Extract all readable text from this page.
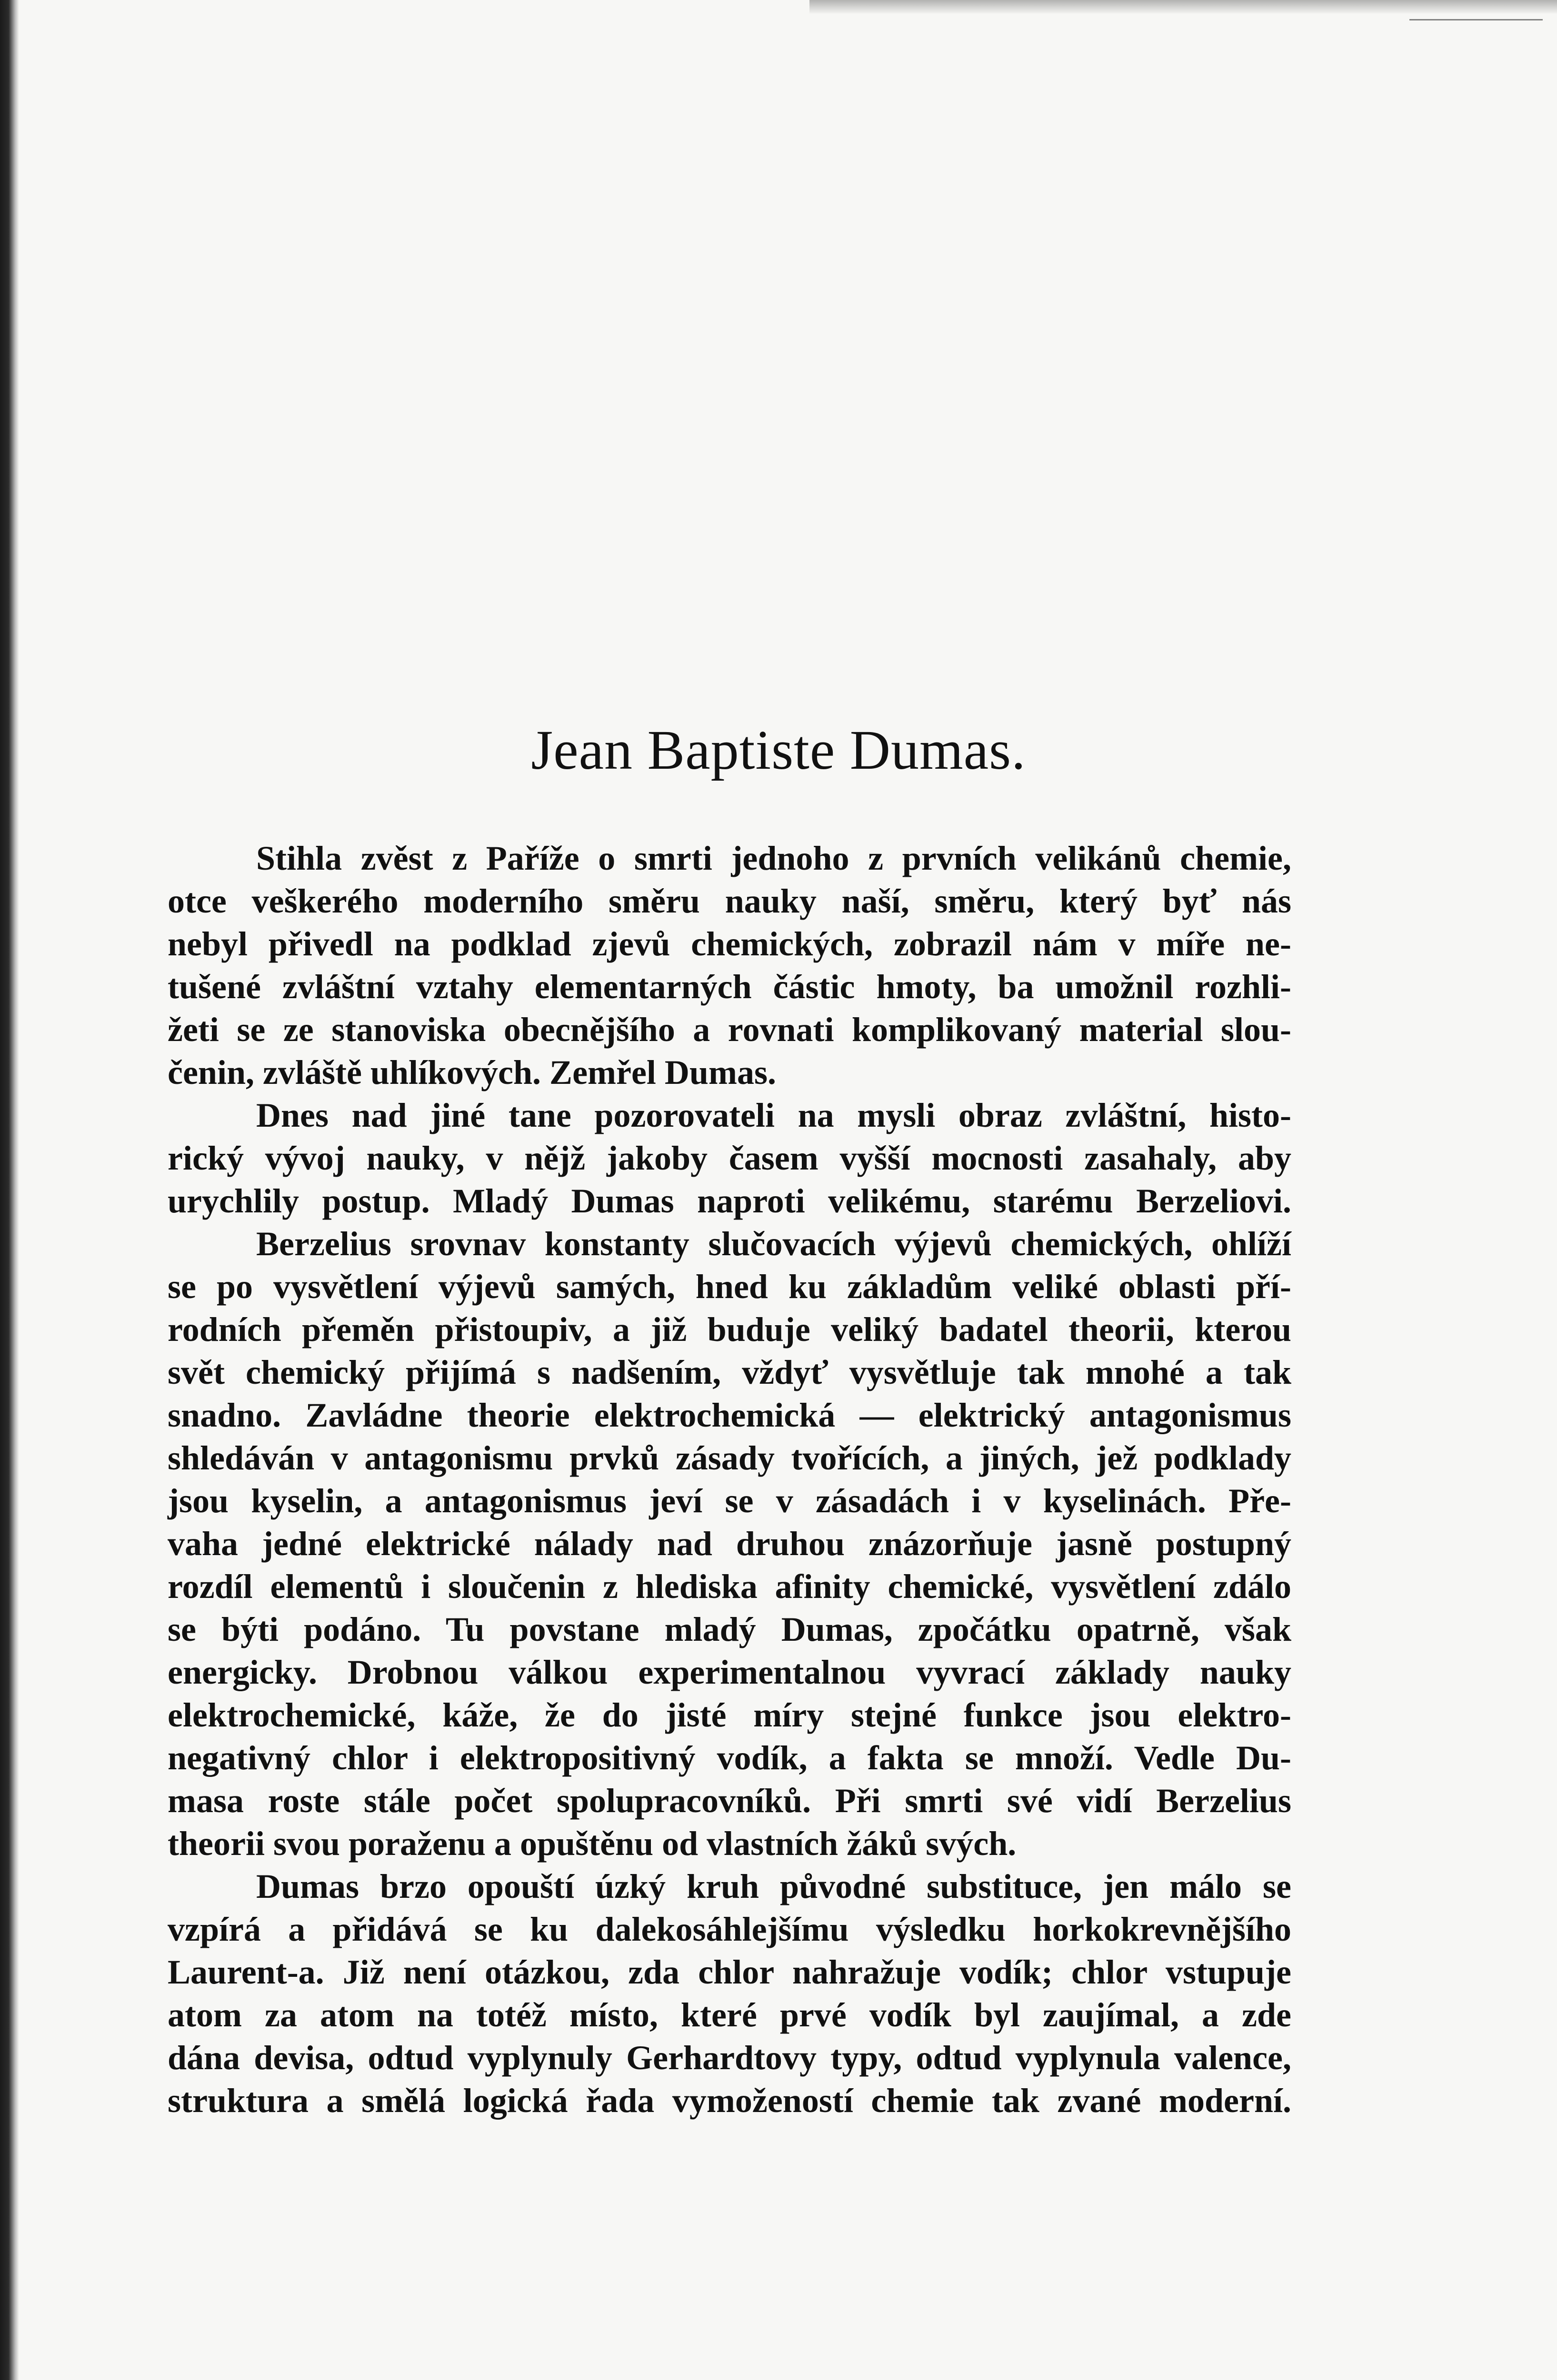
Jean Baptiste Dumas.
Stihla zvěst z Paříže o smrti jednoho z prvních velikánů chemie,
otce veškerého moderního směru nauky naší, směru, který byť nás
nebyl přivedl na podklad zjevů chemických, zobrazil nám v míře ne-
tušené zvláštní vztahy elementarných částic hmoty, ba umožnil rozhli-
žeti se ze stanoviska obecnějšího a rovnati komplikovaný material slou-
čenin, zvláště uhlíkových. Zemřel Dumas.
Dnes nad jiné tane pozorovateli na mysli obraz zvláštní, histo-
rický vývoj nauky, v nějž jakoby časem vyšší mocnosti zasahaly, aby
urychlily postup. Mladý Dumas naproti velikému, starému Berzeliovi.
Berzelius srovnav konstanty slučovacích výjevů chemických, ohlíží
se po vysvětlení výjevů samých, hned ku základům veliké oblasti pří-
rodních přeměn přistoupiv, a již buduje veliký badatel theorii, kterou
svět chemický přijímá s nadšením, vždyť vysvětluje tak mnohé a tak
snadno. Zavládne theorie elektrochemická — elektrický antagonismus
shledáván v antagonismu prvků zásady tvořících, a jiných, jež podklady
jsou kyselin, a antagonismus jeví se v zásadách i v kyselinách. Pře-
vaha jedné elektrické nálady nad druhou znázorňuje jasně postupný
rozdíl elementů i sloučenin z hlediska afinity chemické, vysvětlení zdálo
se býti podáno. Tu povstane mladý Dumas, zpočátku opatrně, však
energicky. Drobnou válkou experimentalnou vyvrací základy nauky
elektrochemické, káže, že do jisté míry stejné funkce jsou elektro-
negativný chlor i elektropositivný vodík, a fakta se množí. Vedle Du-
masa roste stále počet spolupracovníků. Při smrti své vidí Berzelius
theorii svou poraženu a opuštěnu od vlastních žáků svých.
Dumas brzo opouští úzký kruh původné substituce, jen málo se
vzpírá a přidává se ku dalekosáhlejšímu výsledku horkokrevnějšího
Laurent-a. Již není otázkou, zda chlor nahražuje vodík; chlor vstupuje
atom za atom na totéž místo, které prvé vodík byl zaujímal, a zde
dána devisa, odtud vyplynuly Gerhardtovy typy, odtud vyplynula valence,
struktura a smělá logická řada vymožeností chemie tak zvané moderní.
